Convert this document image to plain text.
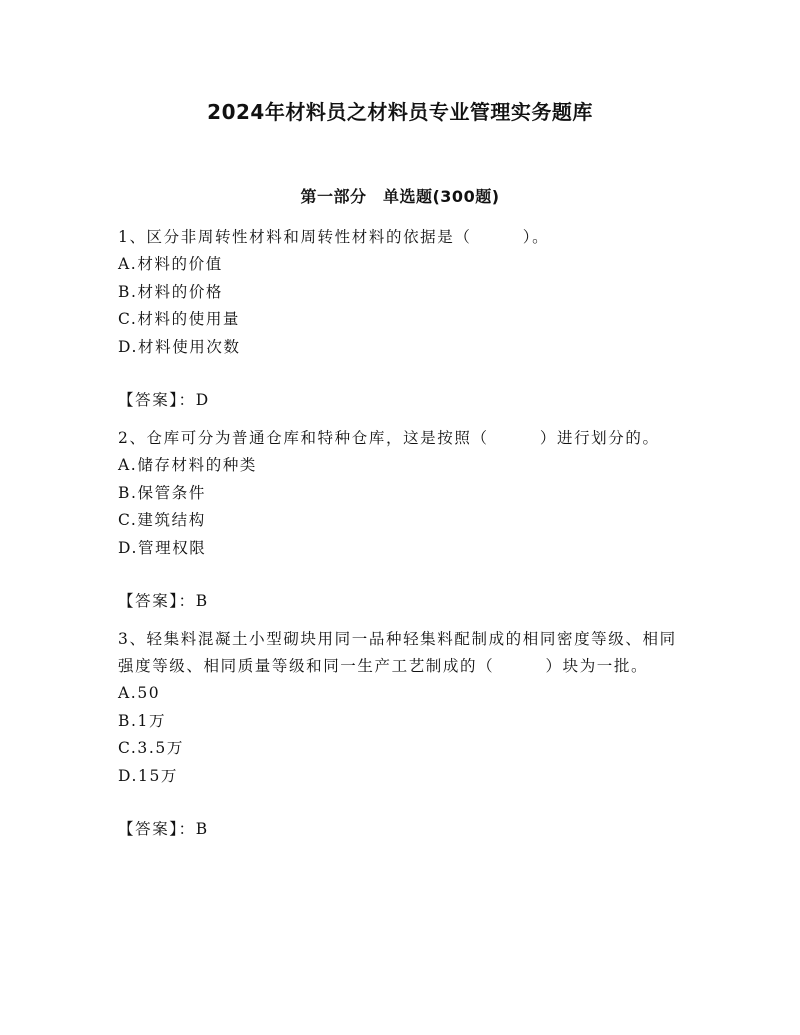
2024年材料员之材料员专业管理实务题库
第一部分　单选题(300题)
1、区分非周转性材料和周转性材料的依据是（　　　）。
A.材料的价值
B.材料的价格
C.材料的使用量
D.材料使用次数
【答案】：D
2、仓库可分为普通仓库和特种仓库，这是按照（　　　）进行划分的。
A.储存材料的种类
B.保管条件
C.建筑结构
D.管理权限
【答案】：B
3、轻集料混凝土小型砌块用同一品种轻集料配制成的相同密度等级、相同强度等级、相同质量等级和同一生产工艺制成的（　　　）块为一批。
A.50
B.1万
C.3.5万
D.15万
【答案】：B
